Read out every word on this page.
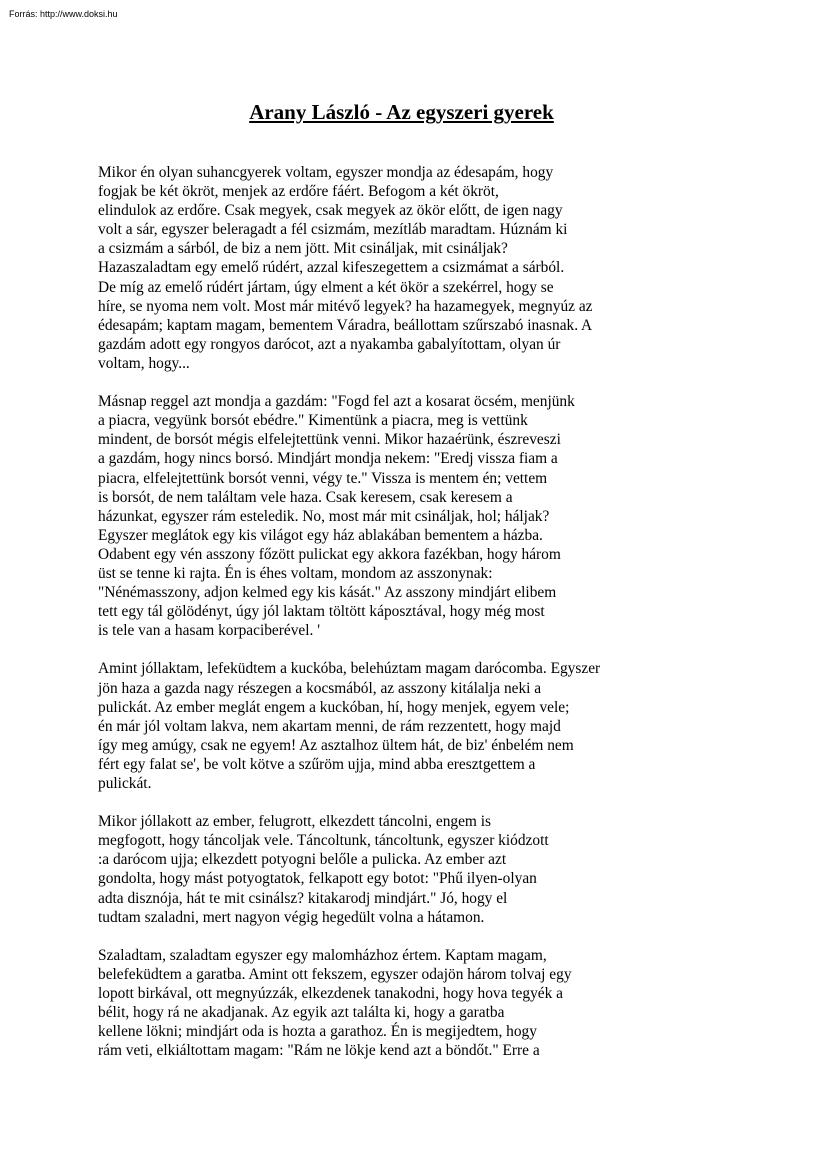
Forrás: http://www.doksi.hu

Arany László - Az egyszeri gyerek

Mikor én olyan suhancgyerek voltam, egyszer mondja az édesapám, hogy
fogjak be két ökröt, menjek az erdőre fáért. Befogom a két ökröt,
elindulok az erdőre. Csak megyek, csak megyek az ökör előtt, de igen nagy
volt a sár, egyszer beleragadt a fél csizmám, mezítláb maradtam. Húznám ki
a csizmám a sárból, de biz a nem jött. Mit csináljak, mit csináljak?
Hazaszaladtam egy emelő rúdért, azzal kifeszegettem a csizmámat a sárból.
De míg az emelő rúdért jártam, úgy elment a két ökör a szekérrel, hogy se
híre, se nyoma nem volt. Most már mitévő legyek? ha hazamegyek, megnyúz az
édesapám; kaptam magam, bementem Váradra, beállottam szűrszabó inasnak. A
gazdám adott egy rongyos darócot, azt a nyakamba gabalyítottam, olyan úr
voltam, hogy...

Másnap reggel azt mondja a gazdám: "Fogd fel azt a kosarat öcsém, menjünk
a piacra, vegyünk borsót ebédre." Kimentünk a piacra, meg is vettünk
mindent, de borsót mégis elfelejtettünk venni. Mikor hazaérünk, észreveszi
a gazdám, hogy nincs borsó. Mindjárt mondja nekem: "Eredj vissza fiam a
piacra, elfelejtettünk borsót venni, végy te." Vissza is mentem én; vettem
is borsót, de nem találtam vele haza. Csak keresem, csak keresem a
házunkat, egyszer rám esteledik. No, most már mit csináljak, hol; háljak?
Egyszer meglátok egy kis világot egy ház ablakában bementem a házba.
Odabent egy vén asszony főzött pulickat egy akkora fazékban, hogy három
üst se tenne ki rajta. Én is éhes voltam, mondom az asszonynak:
"Nénémasszony, adjon kelmed egy kis kását." Az asszony mindjárt elibem
tett egy tál gölödényt, úgy jól laktam töltött káposztával, hogy még most
is tele van a hasam korpaciberével. '

Amint jóllaktam, lefeküdtem a kuckóba, belehúztam magam darócomba. Egyszer
jön haza a gazda nagy részegen a kocsmából, az asszony kitálalja neki a
pulickát. Az ember meglát engem a kuckóban, hí, hogy menjek, egyem vele;
én már jól voltam lakva, nem akartam menni, de rám rezzentett, hogy majd
így meg amúgy, csak ne egyem! Az asztalhoz ültem hát, de biz' énbelém nem
fért egy falat se', be volt kötve a szűröm ujja, mind abba eresztgettem a
pulickát.

Mikor jóllakott az ember, felugrott, elkezdett táncolni, engem is
megfogott, hogy táncoljak vele. Táncoltunk, táncoltunk, egyszer kiódzott
:a darócom ujja; elkezdett potyogni belőle a pulicka. Az ember azt
gondolta, hogy mást potyogtatok, felkapott egy botot: "Phű ilyen-olyan
adta disznója, hát te mit csinálsz? kitakarodj mindjárt." Jó, hogy el
tudtam szaladni, mert nagyon végig hegedült volna a hátamon.

Szaladtam, szaladtam egyszer egy malomházhoz értem. Kaptam magam,
belefeküdtem a garatba. Amint ott fekszem, egyszer odajön három tolvaj egy
lopott birkával, ott megnyúzzák, elkezdenek tanakodni, hogy hova tegyék a
bélit, hogy rá ne akadjanak. Az egyik azt találta ki, hogy a garatba
kellene lökni; mindjárt oda is hozta a garathoz. Én is megijedtem, hogy
rám veti, elkiáltottam magam: "Rám ne lökje kend azt a böndőt." Erre a
